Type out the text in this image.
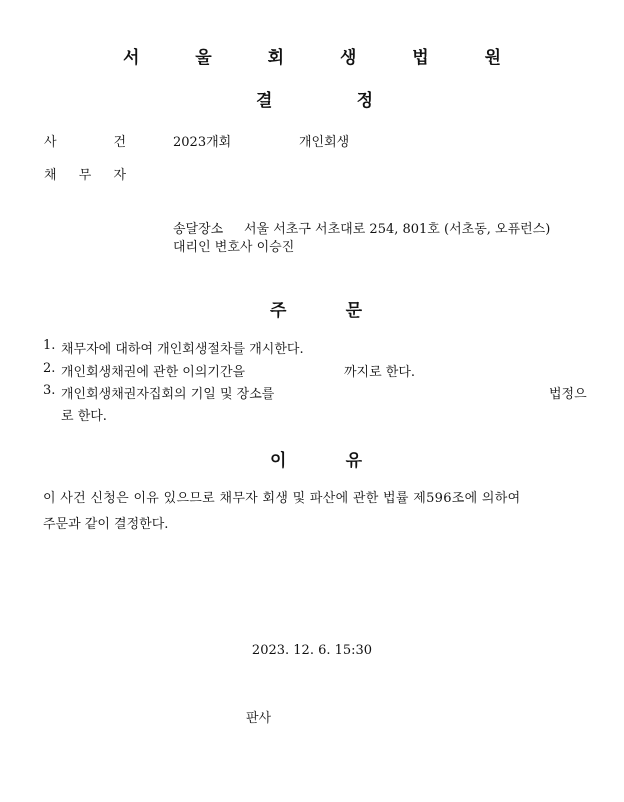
서 울 회 생 법 원
결	정
사	건	2023개회	개인회생
채 무 자
송달장소 서울 서초구 서초대로 254, 801호 (서초동, 오퓨런스)
대리인 변호사 이승진
주	문
1. 채무자에 대하여 개인회생절차를 개시한다.
2. 개인회생채권에 관한 이의기간을	까지로 한다.
3. 개인회생채권자집회의 기일 및 장소를	법정으
로 한다.
이	유
이 사건 신청은 이유 있으므로 채무자 회생 및 파산에 관한 법률 제596조에 의하여
주문과 같이 결정한다.
2023. 12. 6. 15:30
판사
